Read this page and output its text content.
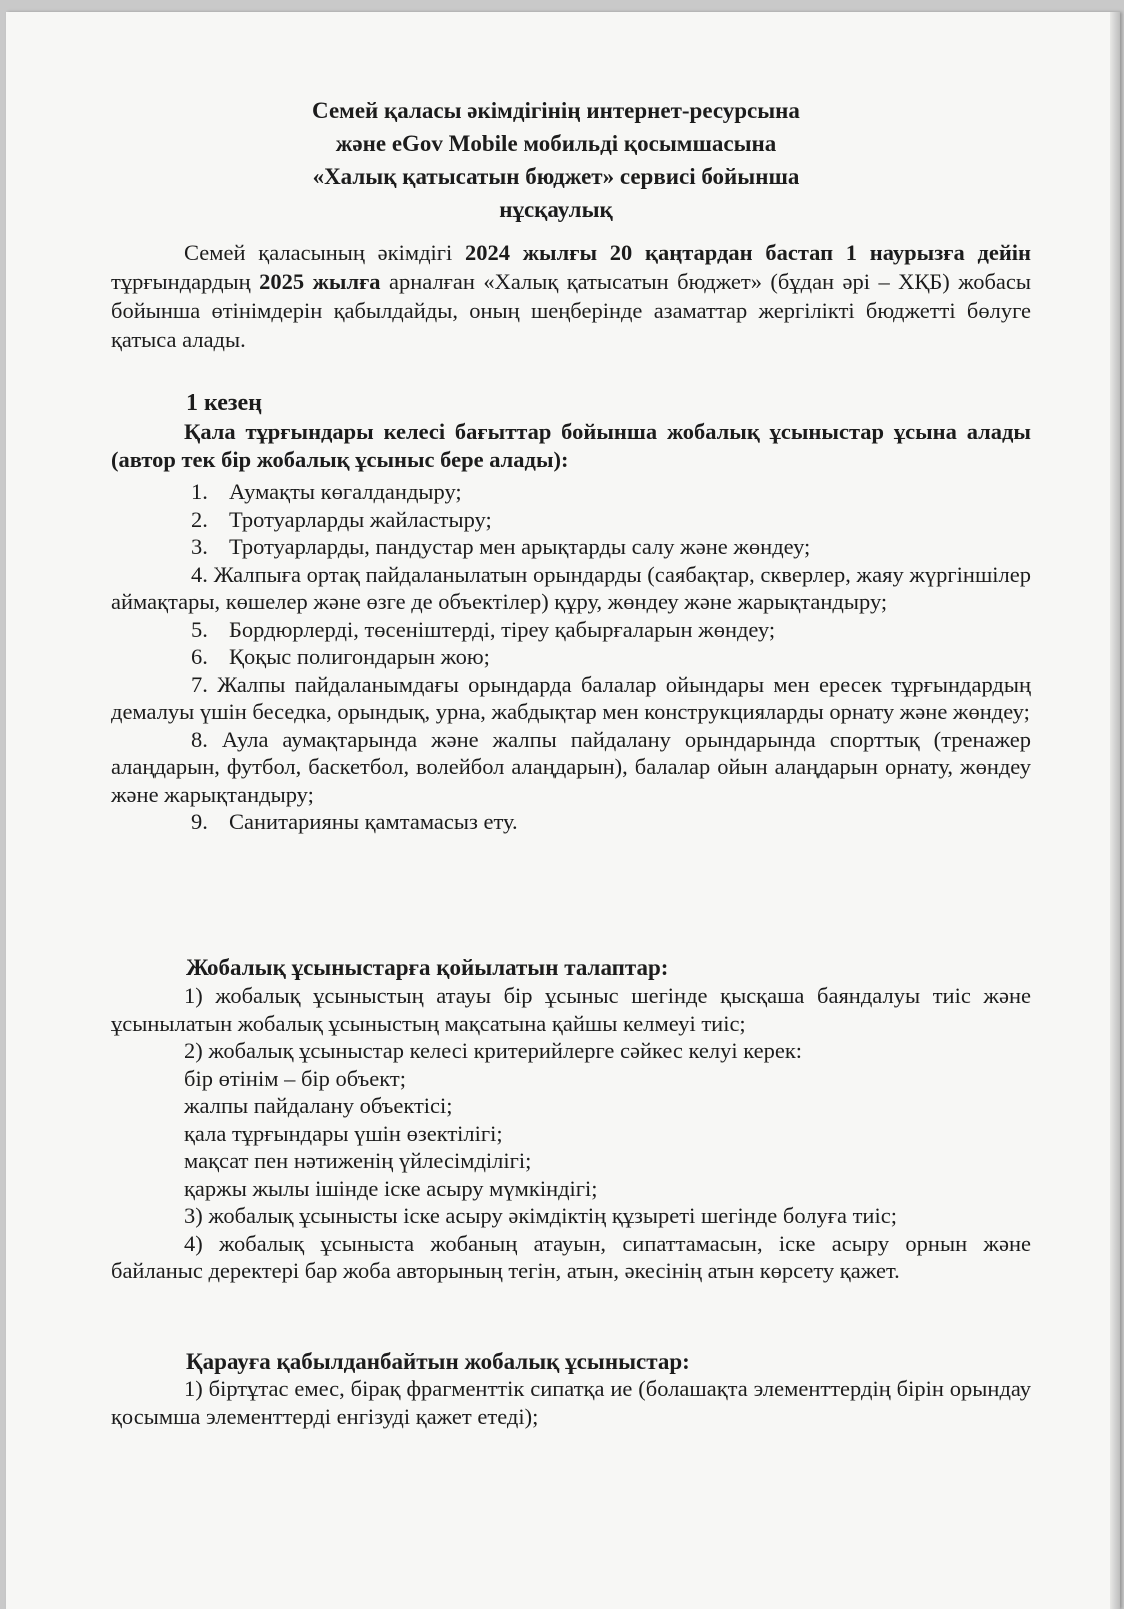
Семей қаласы әкімдігінің интернет-ресурсына
және eGov Mobile мобильді қосымшасына
«Халық қатысатын бюджет» сервисі бойынша
нұсқаулық
Семей қаласының әкімдігі 2024 жылғы 20 қаңтардан бастап 1 наурызға дейін тұрғындардың 2025 жылға арналған «Халық қатысатын бюджет» (бұдан әрі – ХҚБ) жобасы бойынша өтінімдерін қабылдайды, оның шеңберінде азаматтар жергілікті бюджетті бөлуге қатыса алады.
1 кезең
Қала тұрғындары келесі бағыттар бойынша жобалық ұсыныстар ұсына алады (автор тек бір жобалық ұсыныс бере алады):
1. Аумақты көгалдандыру;
2. Тротуарларды жайластыру;
3. Тротуарларды, пандустар мен арықтарды салу және жөндеу;
4. Жалпыға ортақ пайдаланылатын орындарды (саябақтар, скверлер, жаяу жүргіншілер аймақтары, көшелер және өзге де объектілер) құру, жөндеу және жарықтандыру;
5. Бордюрлерді, төсеніштерді, тіреу қабырғаларын жөндеу;
6. Қоқыс полигондарын жою;
7. Жалпы пайдаланымдағы орындарда балалар ойындары мен ересек тұрғындардың демалуы үшін беседка, орындық, урна, жабдықтар мен конструкцияларды орнату және жөндеу;
8. Аула аумақтарында және жалпы пайдалану орындарында спорттық (тренажер алаңдарын, футбол, баскетбол, волейбол алаңдарын), балалар ойын алаңдарын орнату, жөндеу және жарықтандыру;
9. Санитарияны қамтамасыз ету.
Жобалық ұсыныстарға қойылатын талаптар:
1) жобалық ұсыныстың атауы бір ұсыныс шегінде қысқаша баяндалуы тиіс және ұсынылатын жобалық ұсыныстың мақсатына қайшы келмеуі тиіс;
2) жобалық ұсыныстар келесі критерийлерге сәйкес келуі керек:
бір өтінім – бір объект;
жалпы пайдалану объектісі;
қала тұрғындары үшін өзектілігі;
мақсат пен нәтиженің үйлесімділігі;
қаржы жылы ішінде іске асыру мүмкіндігі;
3) жобалық ұсынысты іске асыру әкімдіктің құзыреті шегінде болуға тиіс;
4) жобалық ұсыныста жобаның атауын, сипаттамасын, іске асыру орнын және байланыс деректері бар жоба авторының тегін, атын, әкесінің атын көрсету қажет.
Қарауға қабылданбайтын жобалық ұсыныстар:
1) біртұтас емес, бірақ фрагменттік сипатқа ие (болашақта элементтердің бірін орындау қосымша элементтерді енгізуді қажет етеді);
